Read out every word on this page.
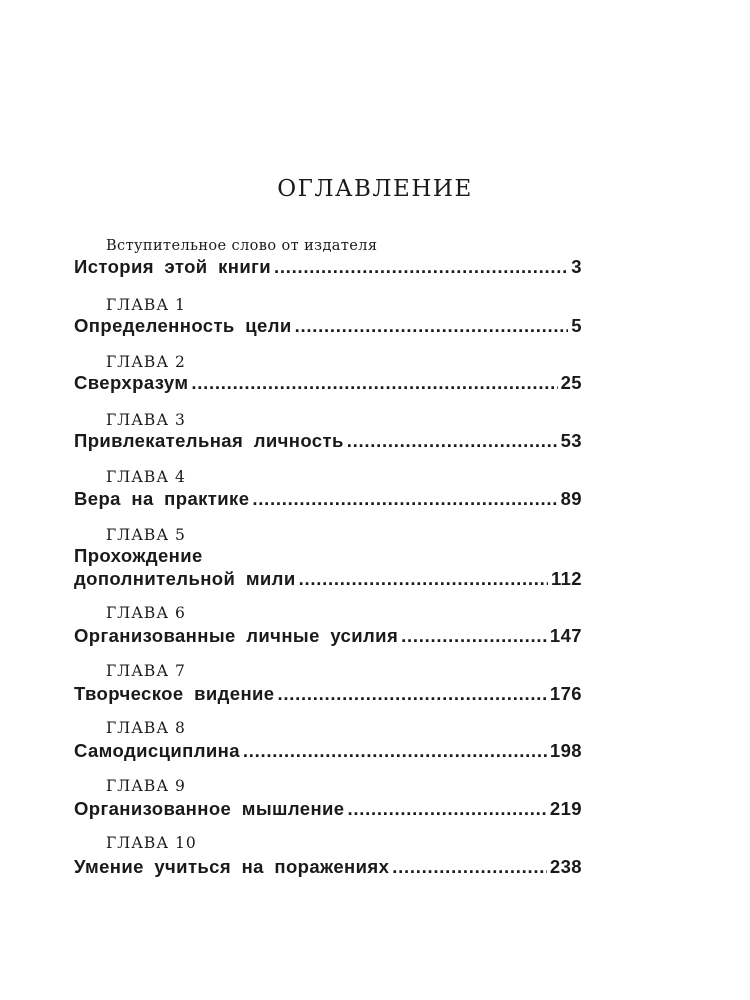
ОГЛАВЛЕНИЕ
Вступительное слово от издателя
История этой книги . . .	3
ГЛАВА 1
Определенность цели . . .	5
ГЛАВА 2
Сверхразум . . .	25
ГЛАВА 3
Привлекательная личность . . .	53
ГЛАВА 4
Вера на практике . . .	89
ГЛАВА 5
Прохождение
дополнительной мили . . .	112
ГЛАВА 6
Организованные личные усилия . . .	147
ГЛАВА 7
Творческое видение . . .	176
ГЛАВА 8
Самодисциплина . . .	198
ГЛАВА 9
Организованное мышление . . .	219
ГЛАВА 10
Умение учиться на поражениях . . .	238
